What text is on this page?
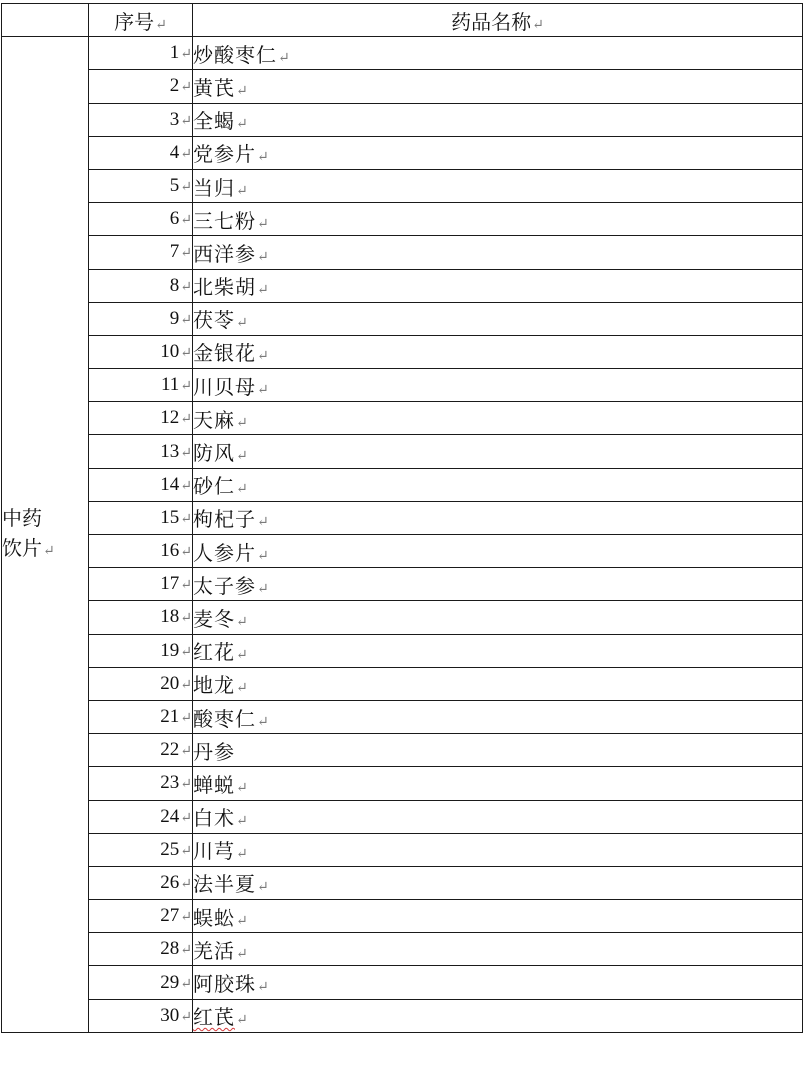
	序号↵	药品名称↵

中药
饮片↵	1↵	炒酸枣仁↵
	2↵	黄芪↵
	3↵	全蝎↵
	4↵	党参片↵
	5↵	当归↵
	6↵	三七粉↵
	7↵	西洋参↵
	8↵	北柴胡↵
	9↵	茯苓↵
	10↵	金银花↵
	11↵	川贝母↵
	12↵	天麻↵
	13↵	防风↵
	14↵	砂仁↵
	15↵	枸杞子↵
	16↵	人参片↵
	17↵	太子参↵
	18↵	麦冬↵
	19↵	红花↵
	20↵	地龙↵
	21↵	酸枣仁↵
	22↵	丹参
	23↵	蝉蜕↵
	24↵	白术↵
	25↵	川芎↵
	26↵	法半夏↵
	27↵	蜈蚣↵
	28↵	羌活↵
	29↵	阿胶珠↵
	30↵	红芪↵
